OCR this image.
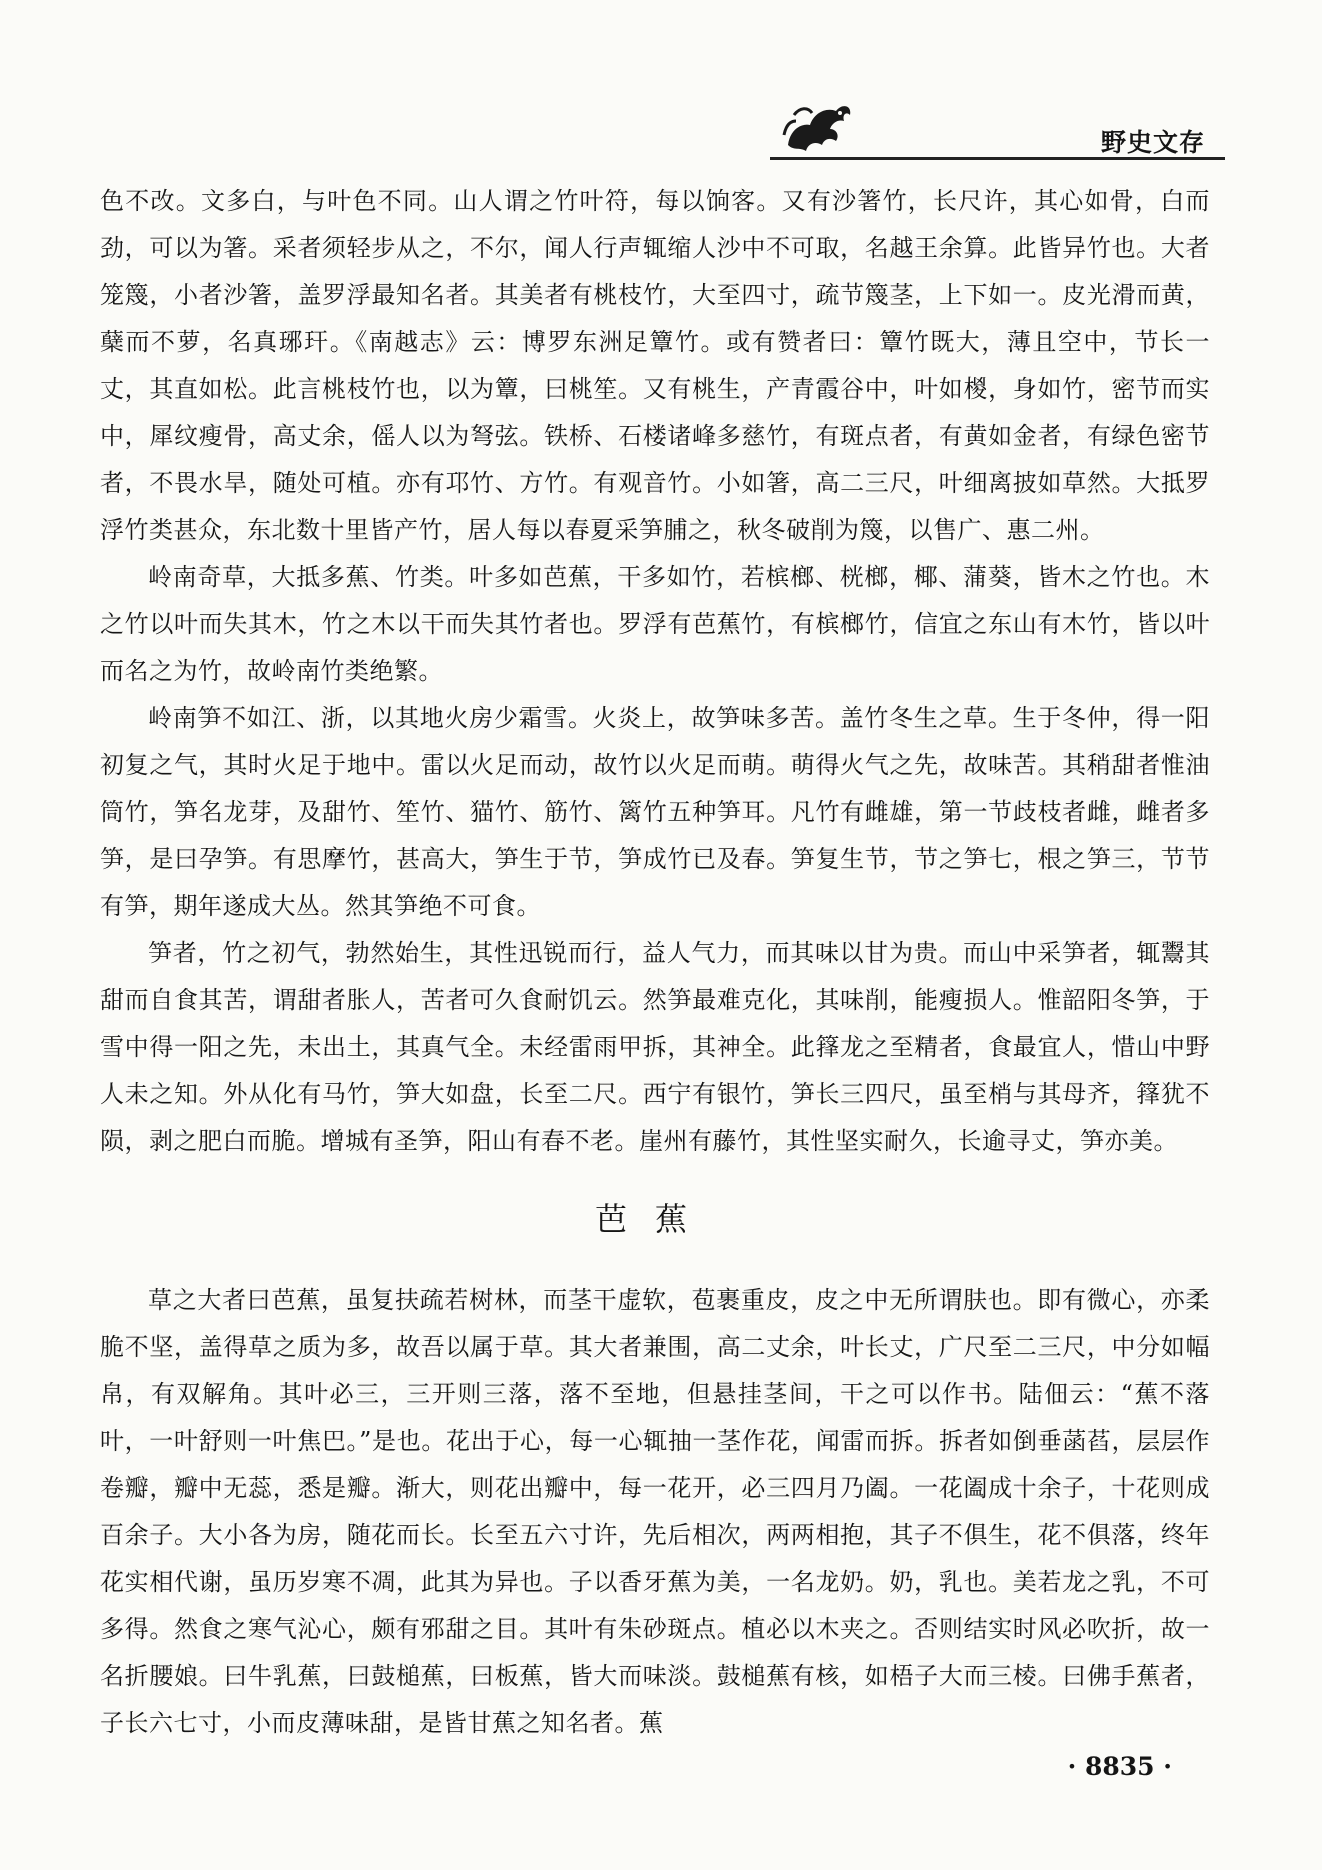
野史文存

色不改。文多白，与叶色不同。山人谓之竹叶符，每以饷客。又有沙箸竹，长尺许，其心如骨，白而劲，可以为箸。采者须轻步从之，不尔，闻人行声辄缩人沙中不可取，名越王余算。此皆异竹也。大者笼篾，小者沙箸，盖罗浮最知名者。其美者有桃枝竹，大至四寸，疏节篾茎，上下如一。皮光滑而黄，蘖而不萝，名真琊玕。《南越志》云：博罗东洲足簟竹。或有赞者曰：簟竹既大，薄且空中，节长一丈，其直如松。此言桃枝竹也，以为簟，曰桃笙。又有桃生，产青霞谷中，叶如椶，身如竹，密节而实中，犀纹瘦骨，高丈余，傜人以为弩弦。铁桥、石楼诸峰多慈竹，有斑点者，有黄如金者，有绿色密节者，不畏水旱，随处可植。亦有邛竹、方竹。有观音竹。小如箸，高二三尺，叶细离披如草然。大抵罗浮竹类甚众，东北数十里皆产竹，居人每以春夏采笋脯之，秋冬破削为篾，以售广、惠二州。

岭南奇草，大抵多蕉、竹类。叶多如芭蕉，干多如竹，若槟榔、桄榔，椰、蒲葵，皆木之竹也。木之竹以叶而失其木，竹之木以干而失其竹者也。罗浮有芭蕉竹，有槟榔竹，信宜之东山有木竹，皆以叶而名之为竹，故岭南竹类绝繁。

岭南笋不如江、浙，以其地火房少霜雪。火炎上，故笋味多苦。盖竹冬生之草。生于冬仲，得一阳初复之气，其时火足于地中。雷以火足而动，故竹以火足而萌。萌得火气之先，故味苦。其稍甜者惟油筒竹，笋名龙芽，及甜竹、笙竹、猫竹、筋竹、篱竹五种笋耳。凡竹有雌雄，第一节歧枝者雌，雌者多笋，是曰孕笋。有思摩竹，甚高大，笋生于节，笋成竹已及春。笋复生节，节之笋七，根之笋三，节节有笋，期年遂成大丛。然其笋绝不可食。

笋者，竹之初气，勃然始生，其性迅锐而行，益人气力，而其味以甘为贵。而山中采笋者，辄鬻其甜而自食其苦，谓甜者胀人，苦者可久食耐饥云。然笋最难克化，其味削，能瘦损人。惟韶阳冬笋，于雪中得一阳之先，未出土，其真气全。未经雷雨甲拆，其神全。此箨龙之至精者，食最宜人，惜山中野人未之知。外从化有马竹，笋大如盘，长至二尺。西宁有银竹，笋长三四尺，虽至梢与其母齐，箨犹不陨，剥之肥白而脆。增城有圣笋，阳山有春不老。崖州有藤竹，其性坚实耐久，长逾寻丈，笋亦美。

芭蕉

草之大者曰芭蕉，虽复扶疏若树林，而茎干虚软，苞裹重皮，皮之中无所谓肤也。即有微心，亦柔脆不坚，盖得草之质为多，故吾以属于草。其大者兼围，高二丈余，叶长丈，广尺至二三尺，中分如幅帛，有双解角。其叶必三，三开则三落，落不至地，但悬挂茎间，干之可以作书。陆佃云：“蕉不落叶，一叶舒则一叶焦巴。”是也。花出于心，每一心辄抽一茎作花，闻雷而拆。拆者如倒垂菡萏，层层作卷瓣，瓣中无蕊，悉是瓣。渐大，则花出瓣中，每一花开，必三四月乃阖。一花阖成十余子，十花则成百余子。大小各为房，随花而长。长至五六寸许，先后相次，两两相抱，其子不俱生，花不俱落，终年花实相代谢，虽历岁寒不凋，此其为异也。子以香牙蕉为美，一名龙奶。奶，乳也。美若龙之乳，不可多得。然食之寒气沁心，颇有邪甜之目。其叶有朱砂斑点。植必以木夹之。否则结实时风必吹折，故一名折腰娘。曰牛乳蕉，曰鼓槌蕉，曰板蕉，皆大而味淡。鼓槌蕉有核，如梧子大而三棱。曰佛手蕉者，子长六七寸，小而皮薄味甜，是皆甘蕉之知名者。蕉

· 8835 ·
